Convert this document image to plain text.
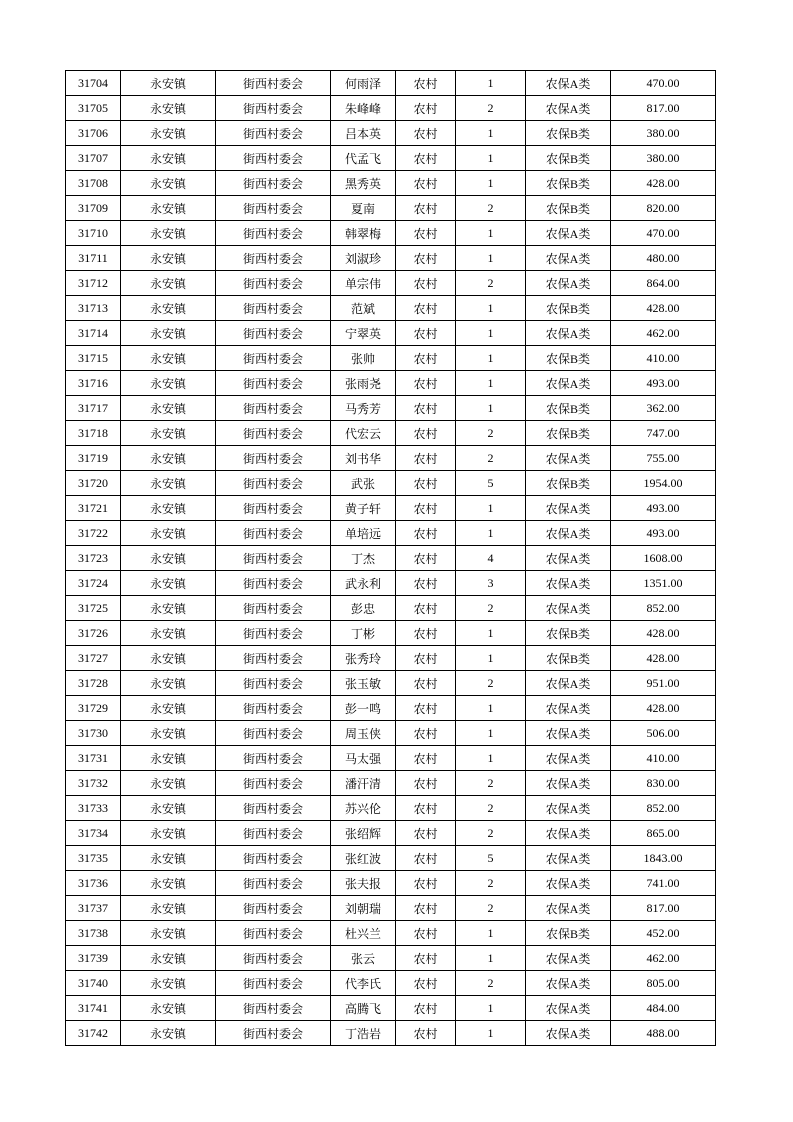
31704	永安镇	街西村委会	何雨泽	农村	1	农保A类	470.00
31705	永安镇	街西村委会	朱峰峰	农村	2	农保A类	817.00
31706	永安镇	街西村委会	吕本英	农村	1	农保B类	380.00
31707	永安镇	街西村委会	代孟飞	农村	1	农保B类	380.00
31708	永安镇	街西村委会	黑秀英	农村	1	农保B类	428.00
31709	永安镇	街西村委会	夏南	农村	2	农保B类	820.00
31710	永安镇	街西村委会	韩翠梅	农村	1	农保A类	470.00
31711	永安镇	街西村委会	刘淑珍	农村	1	农保A类	480.00
31712	永安镇	街西村委会	单宗伟	农村	2	农保A类	864.00
31713	永安镇	街西村委会	范斌	农村	1	农保B类	428.00
31714	永安镇	街西村委会	宁翠英	农村	1	农保A类	462.00
31715	永安镇	街西村委会	张帅	农村	1	农保B类	410.00
31716	永安镇	街西村委会	张雨尧	农村	1	农保A类	493.00
31717	永安镇	街西村委会	马秀芳	农村	1	农保B类	362.00
31718	永安镇	街西村委会	代宏云	农村	2	农保B类	747.00
31719	永安镇	街西村委会	刘书华	农村	2	农保A类	755.00
31720	永安镇	街西村委会	武张	农村	5	农保B类	1954.00
31721	永安镇	街西村委会	黄子轩	农村	1	农保A类	493.00
31722	永安镇	街西村委会	单培远	农村	1	农保A类	493.00
31723	永安镇	街西村委会	丁杰	农村	4	农保A类	1608.00
31724	永安镇	街西村委会	武永利	农村	3	农保A类	1351.00
31725	永安镇	街西村委会	彭忠	农村	2	农保A类	852.00
31726	永安镇	街西村委会	丁彬	农村	1	农保B类	428.00
31727	永安镇	街西村委会	张秀玲	农村	1	农保B类	428.00
31728	永安镇	街西村委会	张玉敏	农村	2	农保A类	951.00
31729	永安镇	街西村委会	彭一鸣	农村	1	农保A类	428.00
31730	永安镇	街西村委会	周玉侠	农村	1	农保A类	506.00
31731	永安镇	街西村委会	马太强	农村	1	农保A类	410.00
31732	永安镇	街西村委会	潘汗清	农村	2	农保A类	830.00
31733	永安镇	街西村委会	苏兴伦	农村	2	农保A类	852.00
31734	永安镇	街西村委会	张绍辉	农村	2	农保A类	865.00
31735	永安镇	街西村委会	张红波	农村	5	农保A类	1843.00
31736	永安镇	街西村委会	张夫报	农村	2	农保A类	741.00
31737	永安镇	街西村委会	刘朝瑞	农村	2	农保A类	817.00
31738	永安镇	街西村委会	杜兴兰	农村	1	农保B类	452.00
31739	永安镇	街西村委会	张云	农村	1	农保A类	462.00
31740	永安镇	街西村委会	代李氏	农村	2	农保A类	805.00
31741	永安镇	街西村委会	高腾飞	农村	1	农保A类	484.00
31742	永安镇	街西村委会	丁浩岩	农村	1	农保A类	488.00
